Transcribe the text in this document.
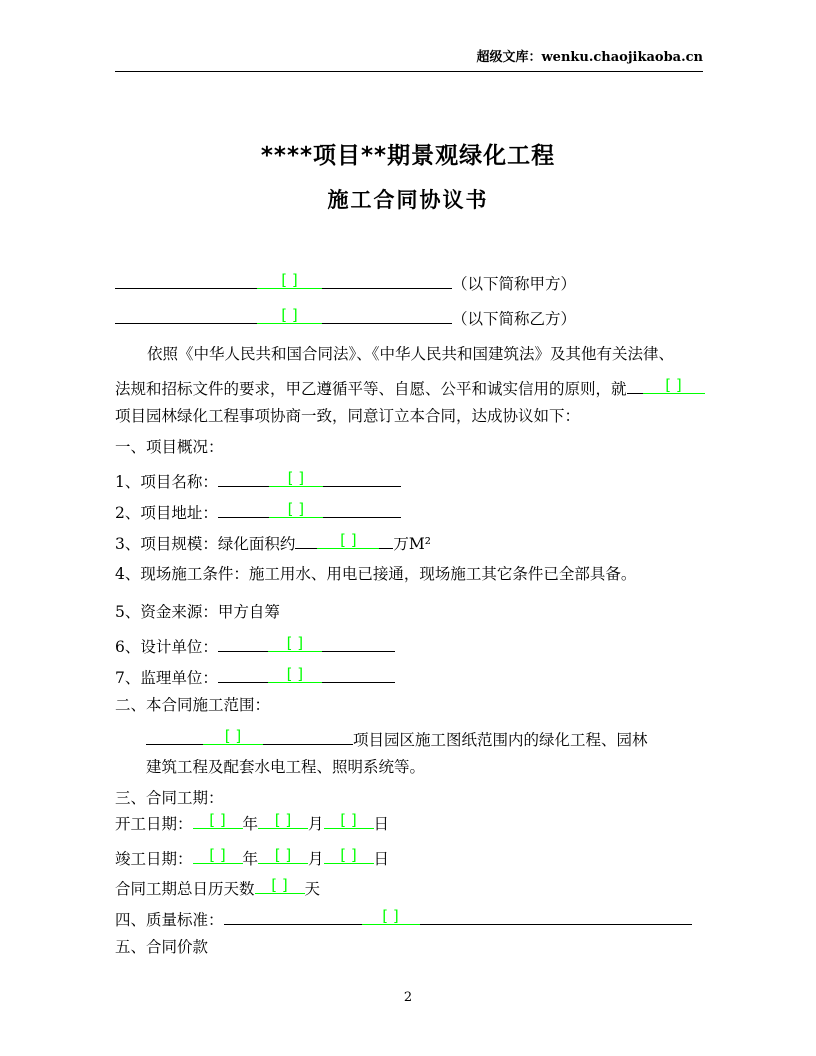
超级文库：wenku.chaojikaoba.cn
****项目**期景观绿化工程
施工合同协议书
[ ]	（以下简称甲方）
[ ]	（以下简称乙方）
依照《中华人民共和国合同法》、《中华人民共和国建筑法》及其他有关法律、
法规和招标文件的要求，甲乙遵循平等、自愿、公平和诚实信用的原则，就	[ ]
项目园林绿化工程事项协商一致，同意订立本合同，达成协议如下：
一、项目概况：
1、项目名称：	[ ]
2、项目地址：	[ ]
3、项目规模：绿化面积约	[ ] 万M²
4、现场施工条件：施工用水、用电已接通，现场施工其它条件已全部具备。
5、资金来源：甲方自筹
6、设计单位：	[ ]
7、监理单位：	[ ]
二、本合同施工范围：
[ ]	项目园区施工图纸范围内的绿化工程、园林
建筑工程及配套水电工程、照明系统等。
三、合同工期：
开工日期： [ ] 年 [ ] 月 [ ] 日
竣工日期： [ ] 年 [ ] 月 [ ] 日
合同工期总日历天数 [ ] 天
四、质量标准：	[ ]
五、合同价款
2
